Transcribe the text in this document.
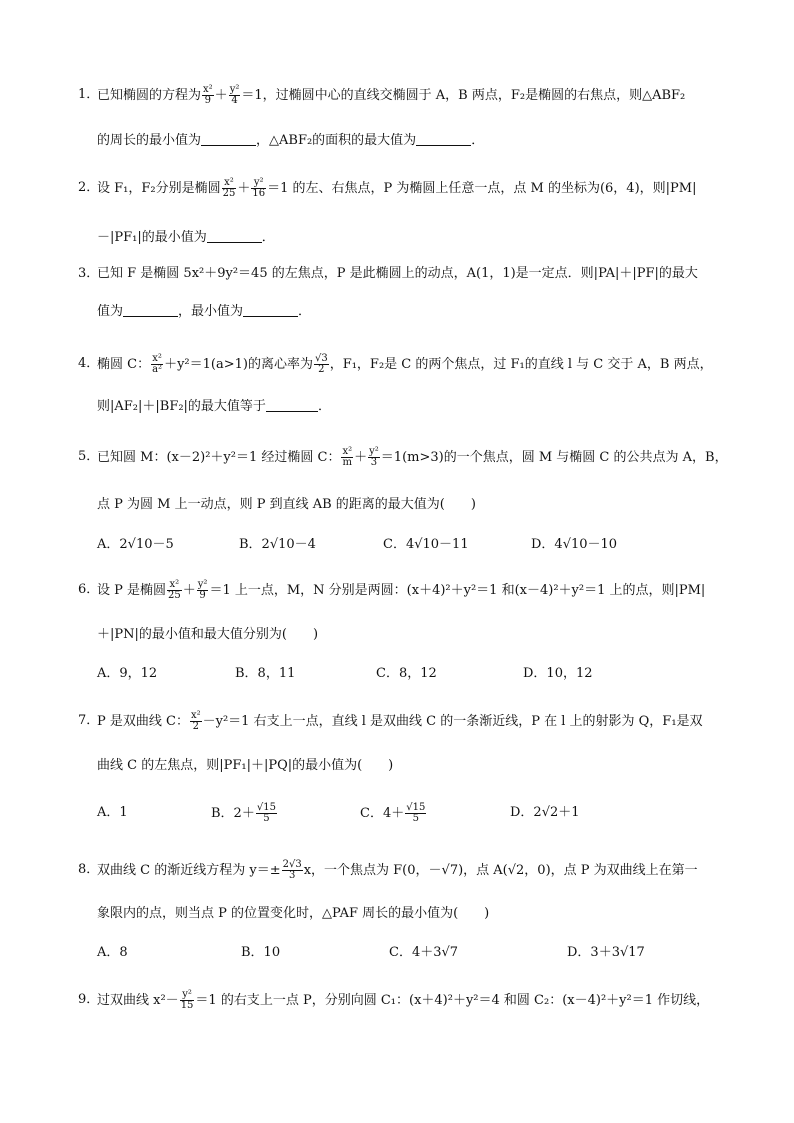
1．
已知椭圆的方程为 $\frac{\text{x²}}{9} + \frac{\text{y²}}{4} =1$，过椭圆中心的直线交椭圆于 A，B 两点，F₂是椭圆的右焦点，则△ABF₂
的周长的最小值为	，△ABF₂的面积的最大值为	．
2．
设 F₁，F₂分别是椭圆 $\frac{\text{x²}}{25} + \frac{\text{y²}}{16} =1$ 的左、右焦点，P 为椭圆上任意一点，点 M 的坐标为(6，4)，则|PM|
－|PF₁|的最小值为	．
3．
已知 F 是椭圆 5x²＋9y²＝45 的左焦点，P 是此椭圆上的动点，A(1，1)是一定点．则|PA|＋|PF|的最大
值为	，最小值为	．
4．
椭圆 C： $\frac{\text{x²}}{\text{a²}} +y^2=1(a>1)$的离心率为 $\frac{√3}{2}$ ，F₁，F₂是 C 的两个焦点，过 F₁的直线 l 与 C 交于 A，B 两点，
则|AF₂|＋|BF₂|的最大值等于	．
5．
已知圆 M：(x－2)²＋y²＝1 经过椭圆 C： $\frac{\text{x²}}{m} + \frac{\text{y²}}{3} =1(m>3)$的一个焦点，圆 M 与椭圆 C 的公共点为 A，B，
点 P 为圆 M 上一动点，则 P 到直线 AB 的距离的最大值为(　　)
A．2√10－5	B．2√10－4	C．4√10－11	D．4√10－10
6．
设 P 是椭圆 $\frac{\text{x²}}{25} + \frac{\text{y²}}{9} =1$ 上一点，M，N 分别是两圆：(x＋4)²＋y²＝1 和(x－4)²＋y²＝1 上的点，则|PM|
＋|PN|的最小值和最大值分别为(　　)
A．9，12	B．8，11	C．8，12	D．10，12
7．
P 是双曲线 C： $\frac{\text{x²}}{2} -y^2=1$ 右支上一点，直线 l 是双曲线 C 的一条渐近线，P 在 l 上的射影为 Q，F₁是双
曲线 C 的左焦点，则|PF₁|＋|PQ|的最小值为(　　)
A．1	B．$2+ \frac{√15}{5}$	C．$4+ \frac{√15}{5}$	D．2√2＋1
8．
双曲线 C 的渐近线方程为 $y=\pm \frac{2√3}{3}$ x，一个焦点为 F(0，－√7)，点 A(√2，0)，点 P 为双曲线上在第一
象限内的点，则当点 P 的位置变化时，△PAF 周长的最小值为(　　)
A．8	B．10	C．4＋3√7	D．3＋3√17
9．
过双曲线 $x^2- \frac{\text{y²}}{15} =1$ 的右支上一点 P，分别向圆 C₁：(x＋4)²＋y²＝4 和圆 C₂：(x－4)²＋y²＝1 作切线，
